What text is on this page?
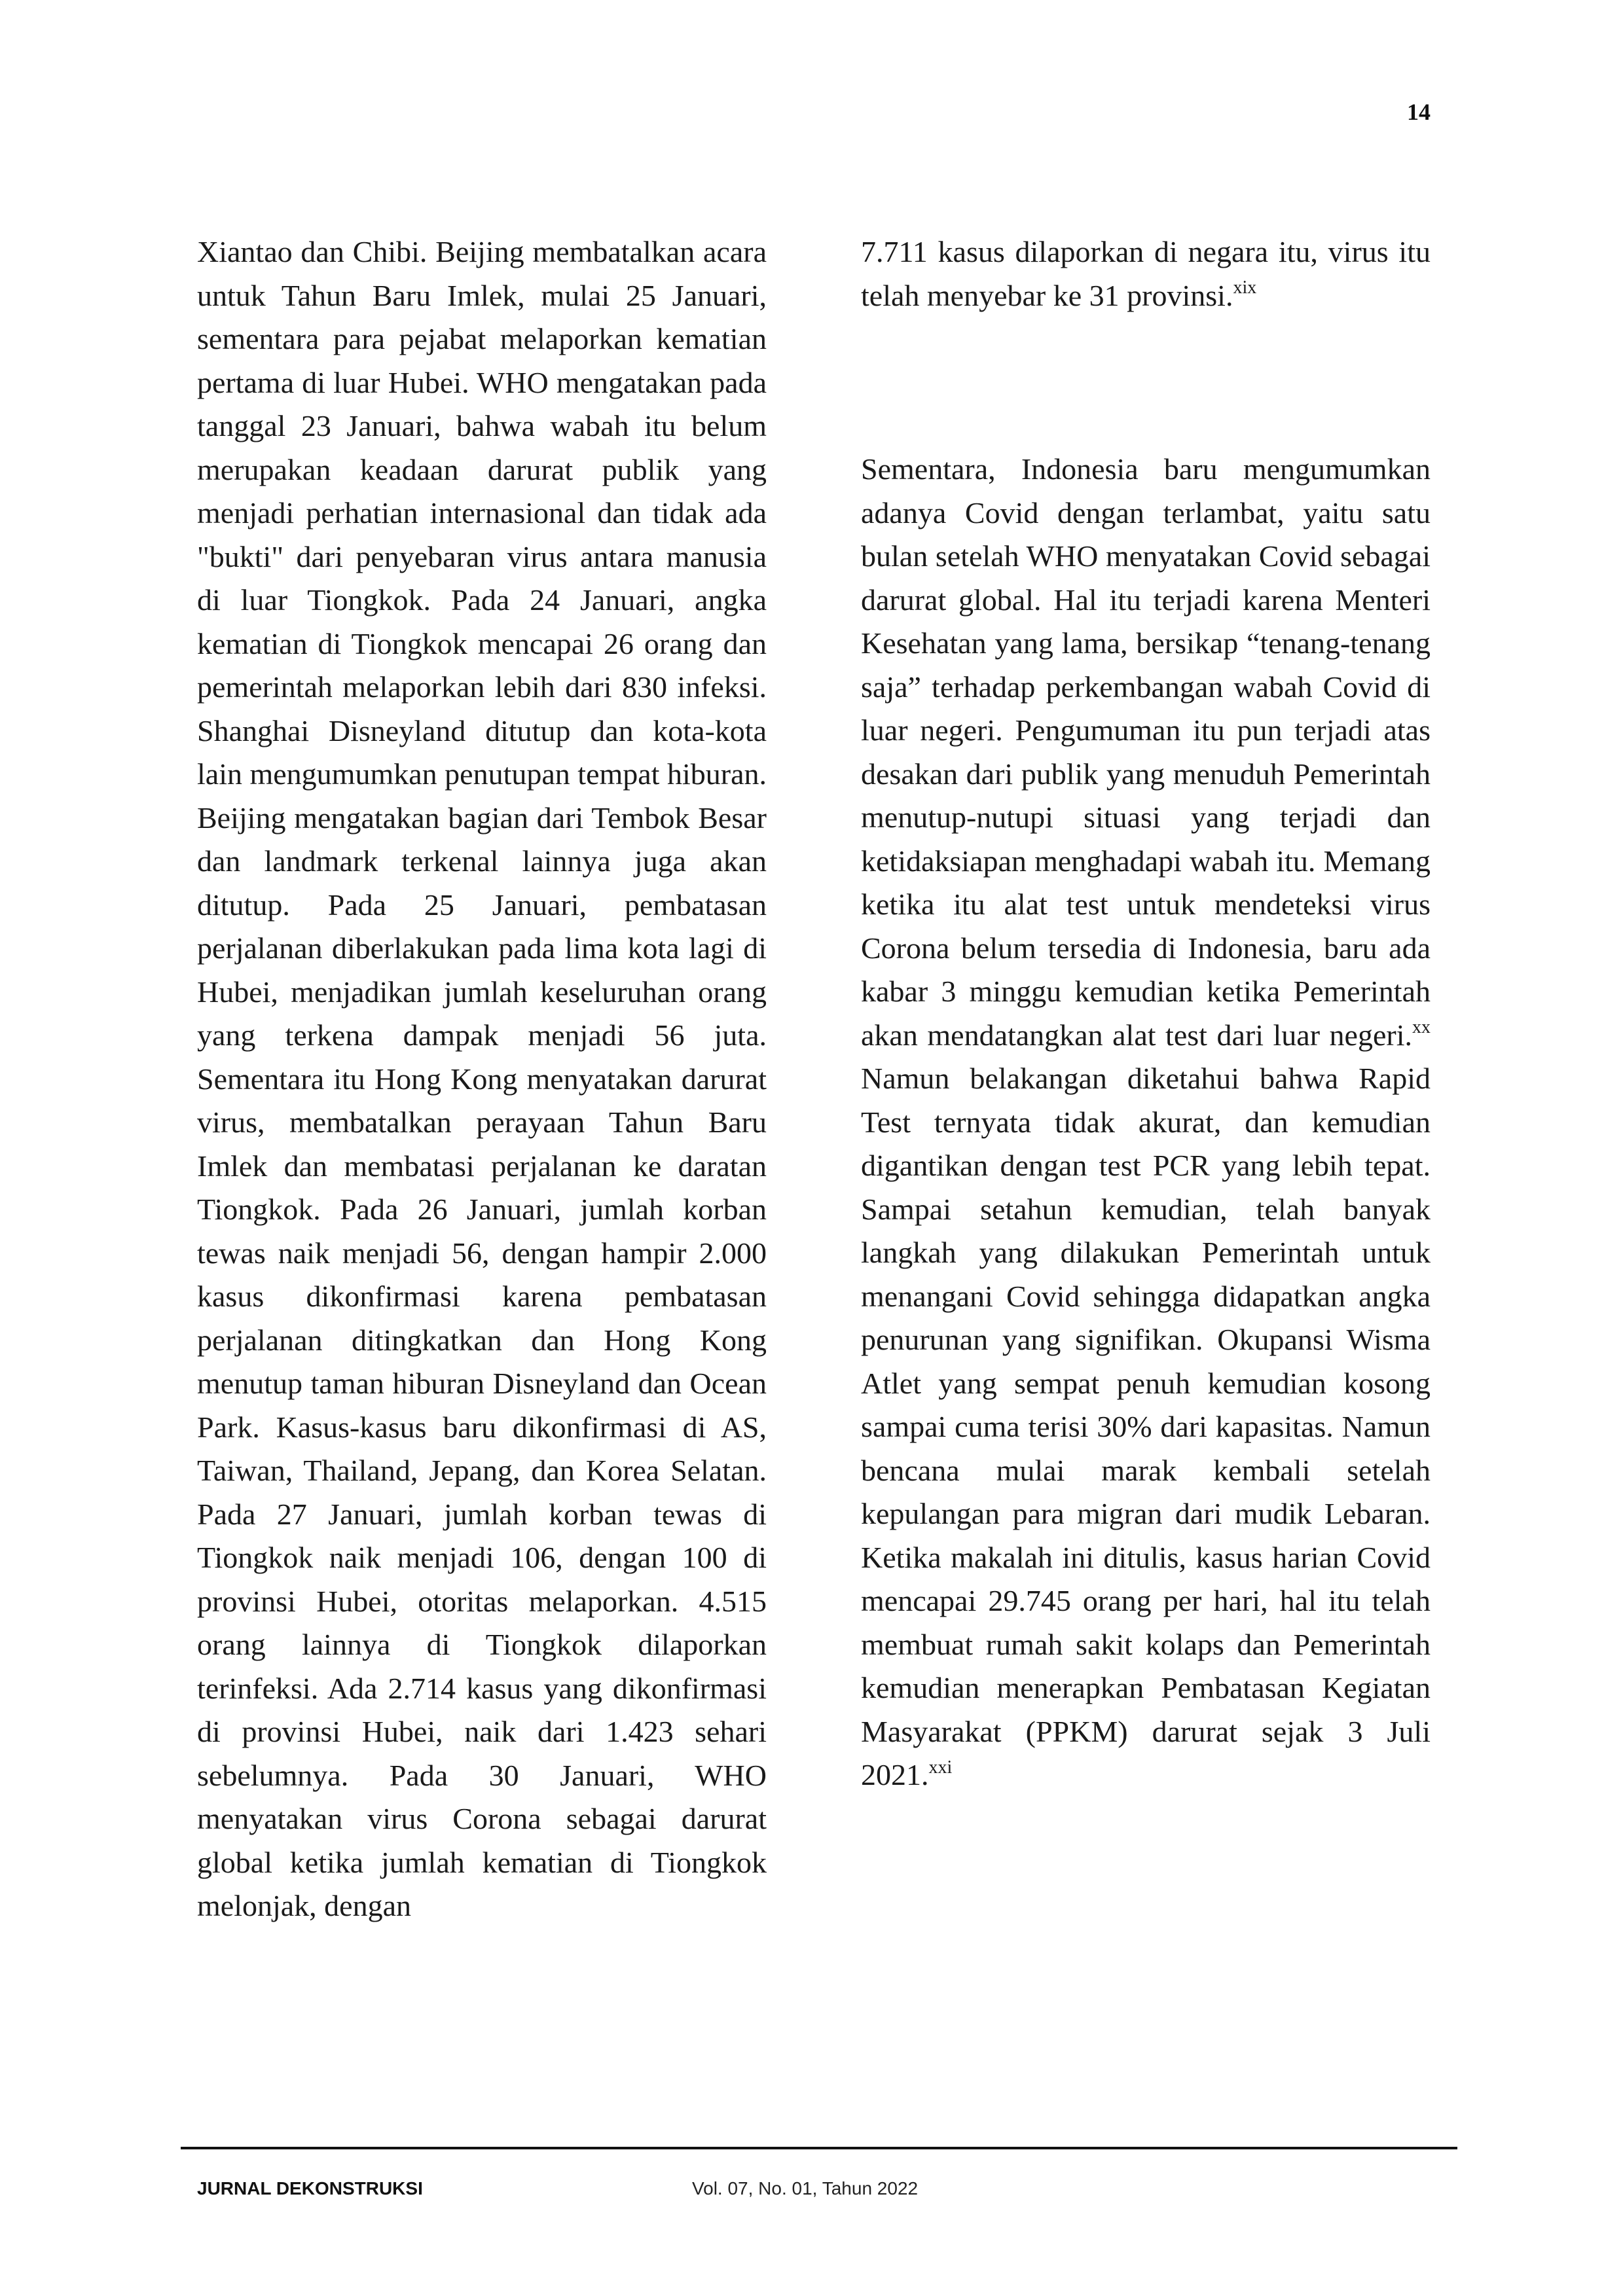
14

Xiantao dan Chibi. Beijing membatalkan acara untuk Tahun Baru Imlek, mulai 25 Januari, sementara para pejabat melaporkan kematian pertama di luar Hubei. WHO mengatakan pada tanggal 23 Januari, bahwa wabah itu belum merupakan keadaan darurat publik yang menjadi perhatian internasional dan tidak ada "bukti" dari penyebaran virus antara manusia di luar Tiongkok. Pada 24 Januari, angka kematian di Tiongkok mencapai 26 orang dan pemerintah melaporkan lebih dari 830 infeksi. Shanghai Disneyland ditutup dan kota-kota lain mengumumkan penutupan tempat hiburan. Beijing mengatakan bagian dari Tembok Besar dan landmark terkenal lainnya juga akan ditutup. Pada 25 Januari, pembatasan perjalanan diberlakukan pada lima kota lagi di Hubei, menjadikan jumlah keseluruhan orang yang terkena dampak menjadi 56 juta. Sementara itu Hong Kong menyatakan darurat virus, membatalkan perayaan Tahun Baru Imlek dan membatasi perjalanan ke daratan Tiongkok. Pada 26 Januari, jumlah korban tewas naik menjadi 56, dengan hampir 2.000 kasus dikonfirmasi karena pembatasan perjalanan ditingkatkan dan Hong Kong menutup taman hiburan Disneyland dan Ocean Park. Kasus-kasus baru dikonfirmasi di AS, Taiwan, Thailand, Jepang, dan Korea Selatan. Pada 27 Januari, jumlah korban tewas di Tiongkok naik menjadi 106, dengan 100 di provinsi Hubei, otoritas melaporkan. 4.515 orang lainnya di Tiongkok dilaporkan terinfeksi. Ada 2.714 kasus yang dikonfirmasi di provinsi Hubei, naik dari 1.423 sehari sebelumnya. Pada 30 Januari, WHO menyatakan virus Corona sebagai darurat global ketika jumlah kematian di Tiongkok melonjak, dengan

7.711 kasus dilaporkan di negara itu, virus itu telah menyebar ke 31 provinsi.$^{xix}$

Sementara, Indonesia baru mengumumkan adanya Covid dengan terlambat, yaitu satu bulan setelah WHO menyatakan Covid sebagai darurat global. Hal itu terjadi karena Menteri Kesehatan yang lama, bersikap “tenang-tenang saja” terhadap perkembangan wabah Covid di luar negeri. Pengumuman itu pun terjadi atas desakan dari publik yang menuduh Pemerintah menutup-nutupi situasi yang terjadi dan ketidaksiapan menghadapi wabah itu. Memang ketika itu alat test untuk mendeteksi virus Corona belum tersedia di Indonesia, baru ada kabar 3 minggu kemudian ketika Pemerintah akan mendatangkan alat test dari luar negeri.$^{xx}$ Namun belakangan diketahui bahwa Rapid Test ternyata tidak akurat, dan kemudian digantikan dengan test PCR yang lebih tepat. Sampai setahun kemudian, telah banyak langkah yang dilakukan Pemerintah untuk menangani Covid sehingga didapatkan angka penurunan yang signifikan. Okupansi Wisma Atlet yang sempat penuh kemudian kosong sampai cuma terisi 30% dari kapasitas. Namun bencana mulai marak kembali setelah kepulangan para migran dari mudik Lebaran. Ketika makalah ini ditulis, kasus harian Covid mencapai 29.745 orang per hari, hal itu telah membuat rumah sakit kolaps dan Pemerintah kemudian menerapkan Pembatasan Kegiatan Masyarakat (PPKM) darurat sejak 3 Juli 2021.$^{xxi}$

JURNAL DEKONSTRUKSI	Vol. 07, No. 01, Tahun 2022
